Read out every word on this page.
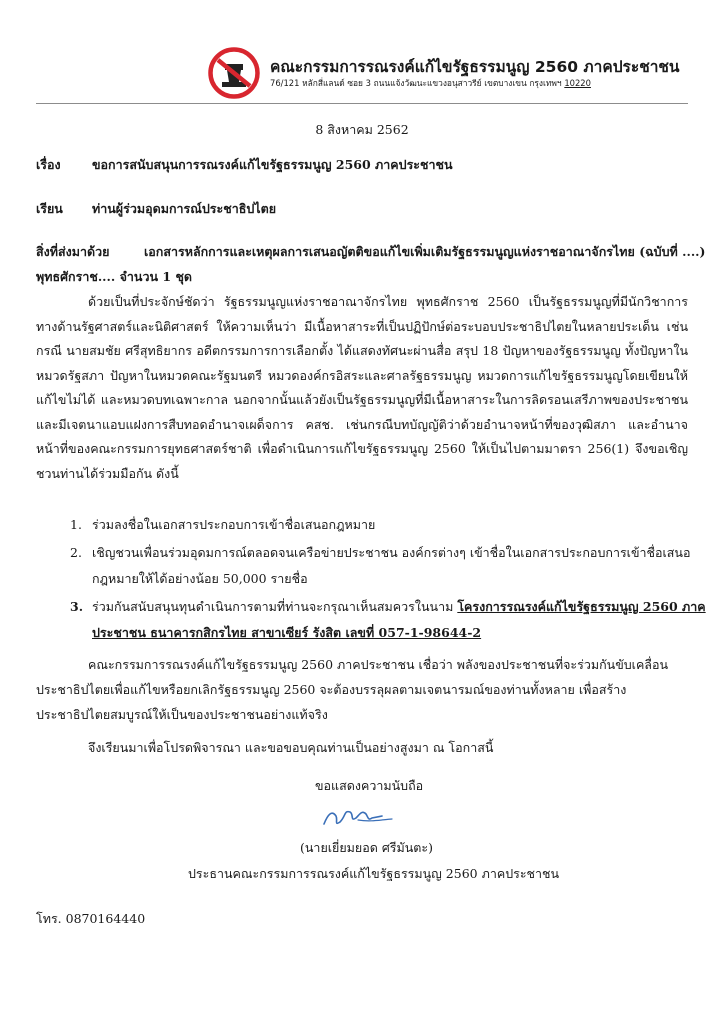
คณะกรรมการรณรงค์แก้ไขรัฐธรรมนูญ 2560 ภาคประชาชน
76/121 หลักสี่แลนด์ ซอย 3 ถนนแจ้งวัฒนะแขวงอนุสาวรีย์ เขตบางเขน กรุงเทพฯ 10220
8 สิงหาคม 2562
เรื่อง	ขอการสนับสนุนการรณรงค์แก้ไขรัฐธรรมนูญ 2560 ภาคประชาชน
เรียน ท่านผู้ร่วมอุดมการณ์ประชาธิปไตย
สิ่งที่ส่งมาด้วย	เอกสารหลักการและเหตุผลการเสนอญัตติขอแก้ไขเพิ่มเติมรัฐธรรมนูญแห่งราชอาณาจักรไทย (ฉบับที่ ....)
พุทธศักราช.... จำนวน 1 ชุด

ด้วยเป็นที่ประจักษ์ชัดว่า รัฐธรรมนูญแห่งราชอาณาจักรไทย พุทธศักราช 2560 เป็นรัฐธรรมนูญที่มีนักวิชาการทางด้านรัฐศาสตร์และนิติศาสตร์ ให้ความเห็นว่า มีเนื้อหาสาระที่เป็นปฏิปักษ์ต่อระบอบประชาธิปไตยในหลายประเด็น เช่น กรณี นายสมชัย ศรีสุทธิยากร อดีตกรรมการการเลือกตั้ง ได้แสดงทัศนะผ่านสื่อ สรุป 18 ปัญหาของรัฐธรรมนูญ ทั้งปัญหาในหมวดรัฐสภา ปัญหาในหมวดคณะรัฐมนตรี หมวดองค์กรอิสระและศาลรัฐธรรมนูญ หมวดการแก้ไขรัฐธรรมนูญโดยเขียนให้แก้ไขไม่ได้ และหมวดบทเฉพาะกาล นอกจากนั้นแล้วยังเป็นรัฐธรรมนูญที่มีเนื้อหาสาระในการลิดรอนเสรีภาพของประชาชน และมีเจตนาแอบแฝงการสืบทอดอำนาจเผด็จการ คสช. เช่นกรณีบทบัญญัติว่าด้วยอำนาจหน้าที่ของวุฒิสภา และอำนาจหน้าที่ของคณะกรรมการยุทธศาสตร์ชาติ เพื่อดำเนินการแก้ไขรัฐธรรมนูญ 2560 ให้เป็นไปตามมาตรา 256(1) จึงขอเชิญชวนท่านได้ร่วมมือกัน ดังนี้

1. ร่วมลงชื่อในเอกสารประกอบการเข้าชื่อเสนอกฎหมาย
2. เชิญชวนเพื่อนร่วมอุดมการณ์ตลอดจนเครือข่ายประชาชน องค์กรต่างๆ เข้าชื่อในเอกสารประกอบการเข้าชื่อเสนอ
กฎหมายให้ได้อย่างน้อย 50,000 รายชื่อ
3. ร่วมกันสนับสนุนทุนดำเนินการตามที่ท่านจะกรุณาเห็นสมควรในนาม โครงการรณรงค์แก้ไขรัฐธรรมนูญ 2560 ภาค
ประชาชน ธนาคารกสิกรไทย สาขาเซียร์ รังสิต เลขที่ 057-1-98644-2

คณะกรรมการรณรงค์แก้ไขรัฐธรรมนูญ 2560 ภาคประชาชน เชื่อว่า พลังของประชาชนที่จะร่วมกันขับเคลื่อนประชาธิปไตยเพื่อแก้ไขหรือยกเลิกรัฐธรรมนูญ 2560 จะต้องบรรลุผลตามเจตนารมณ์ของท่านทั้งหลาย เพื่อสร้างประชาธิปไตยสมบูรณ์ให้เป็นของประชาชนอย่างแท้จริง

จึงเรียนมาเพื่อโปรดพิจารณา และขอขอบคุณท่านเป็นอย่างสูงมา ณ โอกาสนี้

ขอแสดงความนับถือ
(นายเยี่ยมยอด ศรีมันตะ)
ประธานคณะกรรมการรณรงค์แก้ไขรัฐธรรมนูญ 2560 ภาคประชาชน
โทร. 0870164440
